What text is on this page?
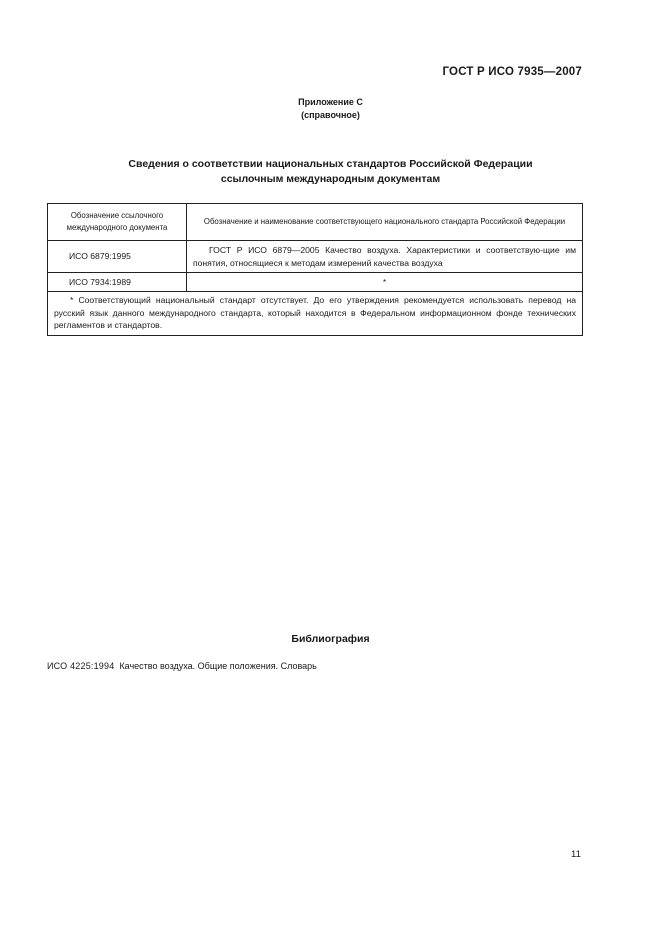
ГОСТ Р ИСО 7935—2007
Приложение С
(справочное)
Сведения о соответствии национальных стандартов Российской Федерации
ссылочным международным документам
Обозначение ссылочного международного документа	Обозначение и наименование соответствующего национального стандарта Российской Федерации
ИСО 6879:1995	ГОСТ Р ИСО 6879—2005 Качество воздуха. Характеристики и соответствую-щие им понятия, относящиеся к методам измерений качества воздуха
ИСО 7934:1989	*
* Соответствующий национальный стандарт отсутствует. До его утверждения рекомендуется использовать перевод на русский язык данного международного стандарта, который находится в Федеральном информационном фонде технических регламентов и стандартов.	
Библиография
ИСО 4225:1994 Качество воздуха. Общие положения. Словарь
11
